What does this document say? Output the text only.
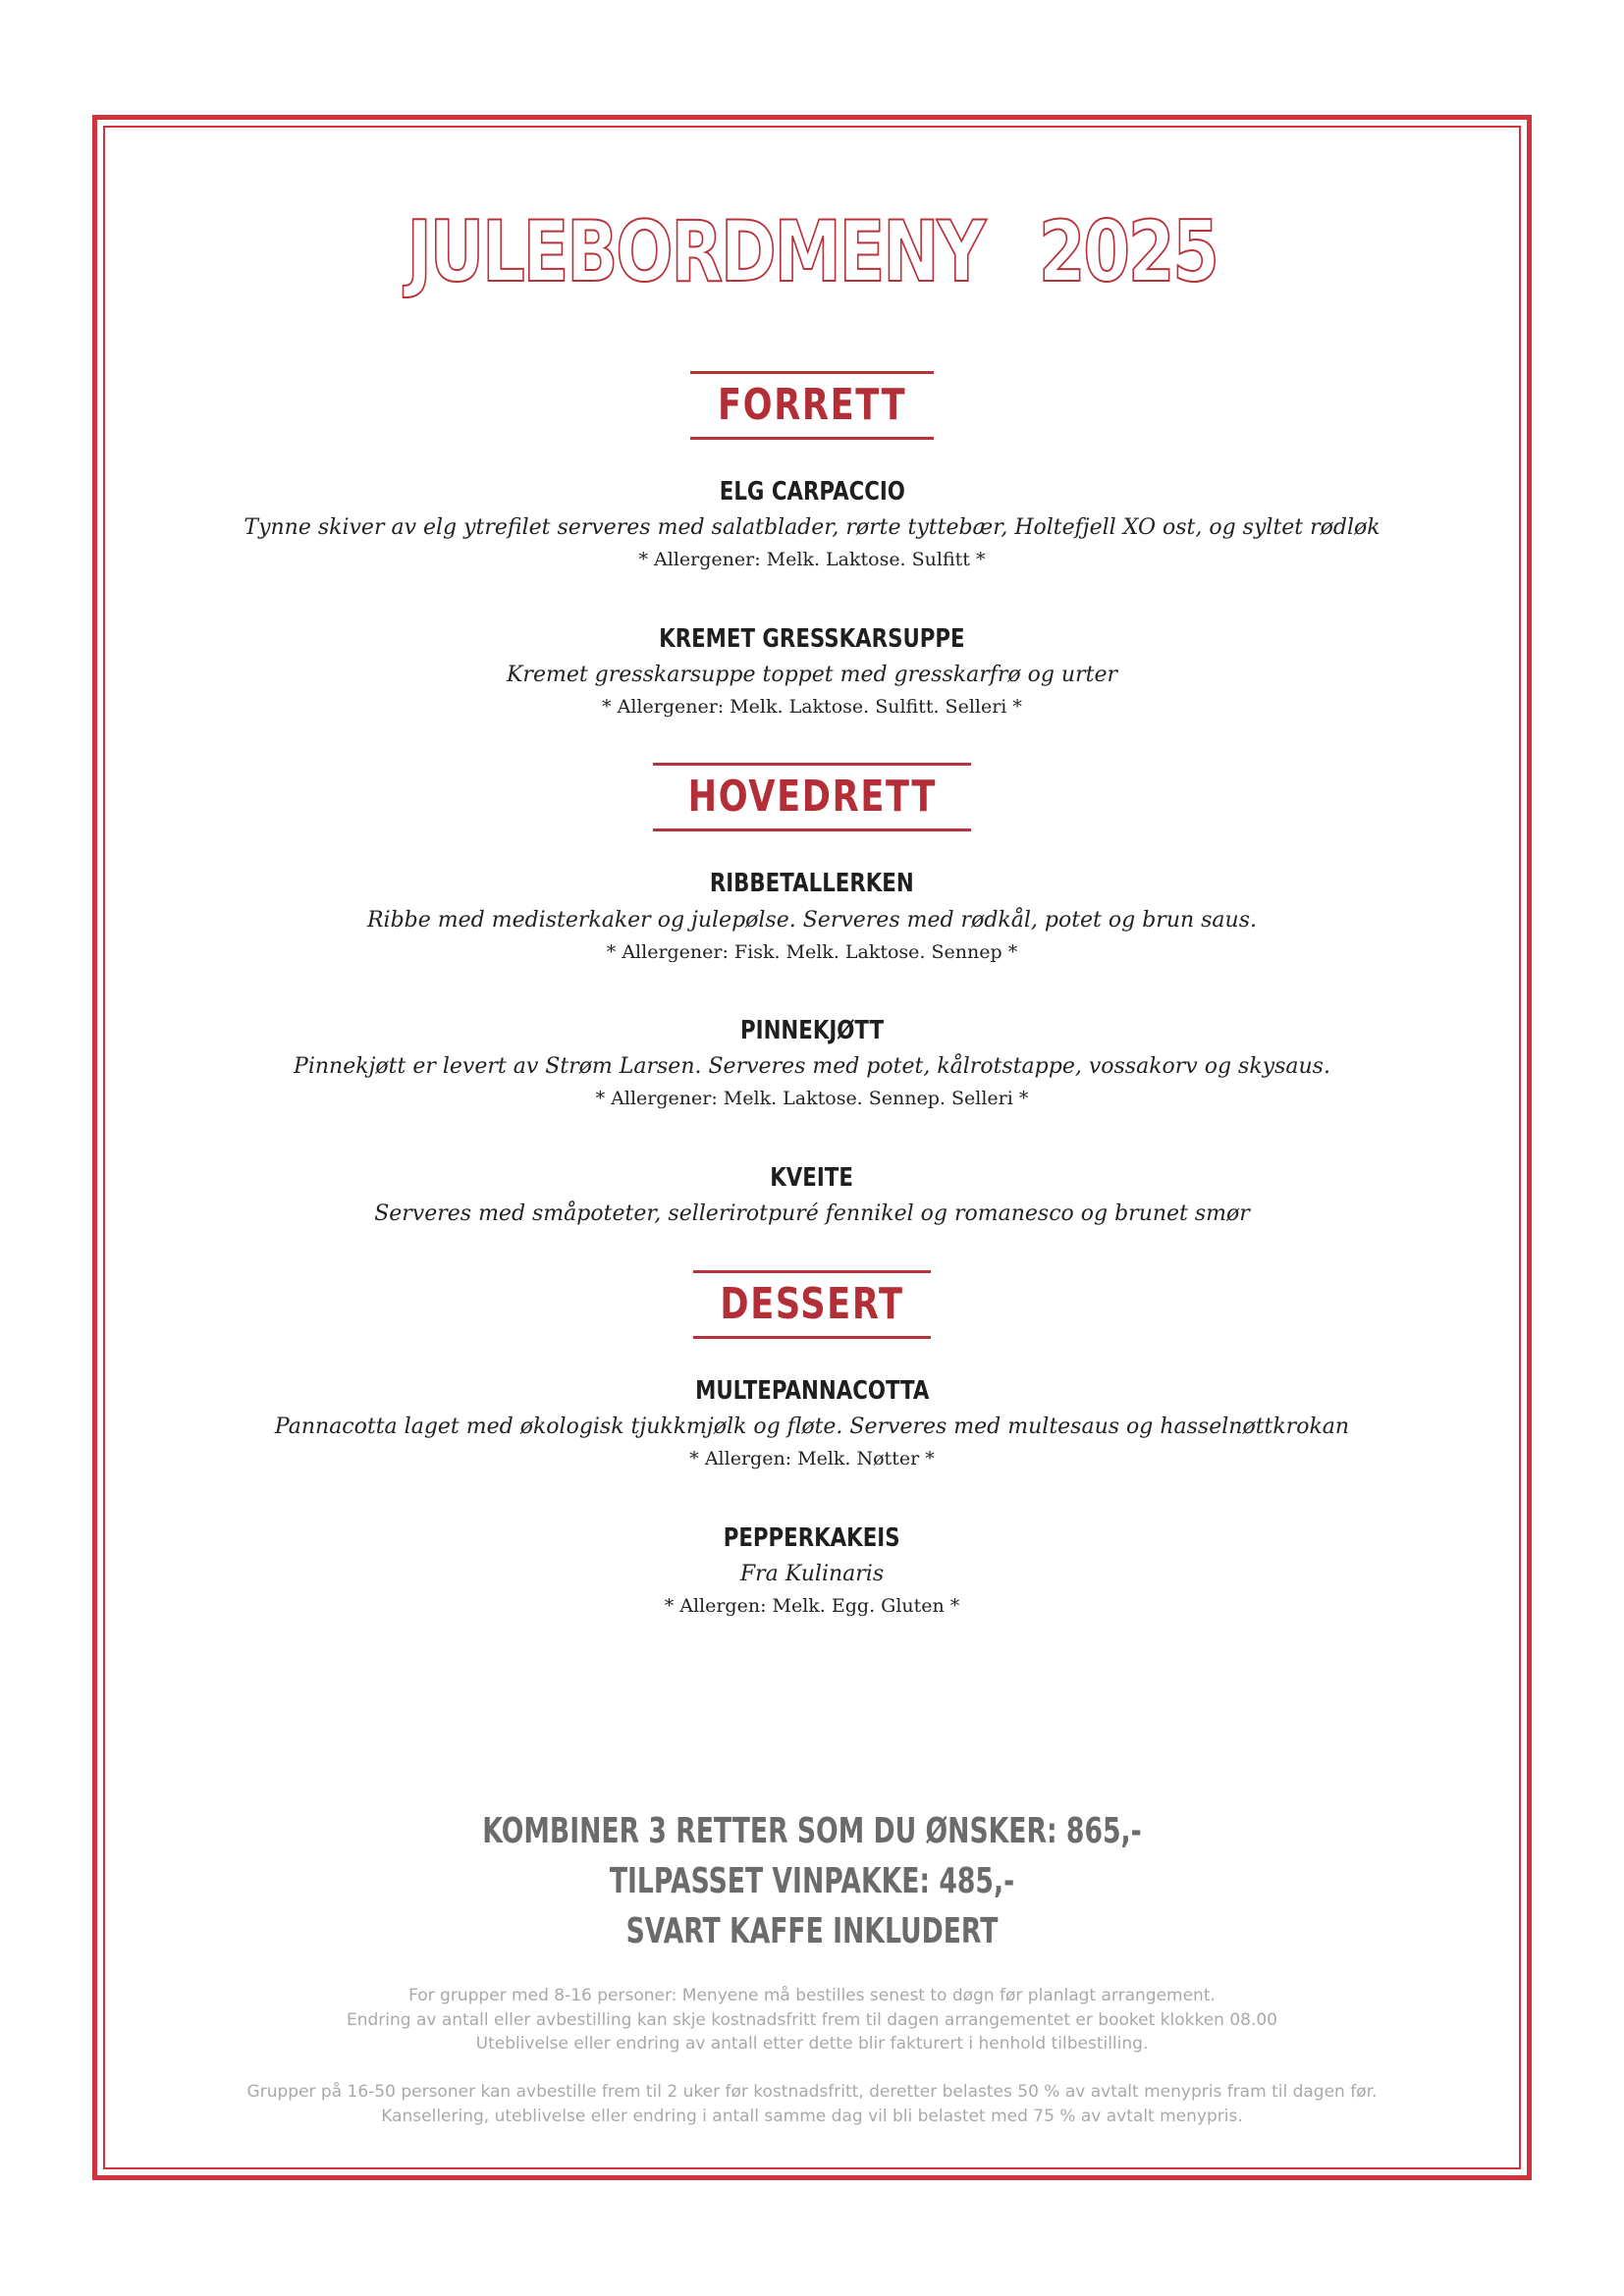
JULEBORDMENY 2025
FORRETT
ELG CARPACCIO
Tynne skiver av elg ytrefilet serveres med salatblader, rørte tyttebær, Holtefjell XO ost, og syltet rødløk
* Allergener: Melk. Laktose. Sulfitt *
KREMET GRESSKARSUPPE
Kremet gresskarsuppe toppet med gresskarfrø og urter
* Allergener: Melk. Laktose. Sulfitt. Selleri *
HOVEDRETT
RIBBETALLERKEN
Ribbe med medisterkaker og julepølse. Serveres med rødkål, potet og brun saus.
* Allergener: Fisk. Melk. Laktose. Sennep *
PINNEKJØTT
Pinnekjøtt er levert av Strøm Larsen. Serveres med potet, kålrotstappe, vossakorv og skysaus.
* Allergener: Melk. Laktose. Sennep. Selleri *
KVEITE
Serveres med småpoteter, sellerirotpuré fennikel og romanesco og brunet smør
DESSERT
MULTEPANNACOTTA
Pannacotta laget med økologisk tjukkmjølk og fløte. Serveres med multesaus og hasselnøttkrokan
* Allergen: Melk. Nøtter *
PEPPERKAKEIS
Fra Kulinaris
* Allergen: Melk. Egg. Gluten *
KOMBINER 3 RETTER SOM DU ØNSKER: 865,-
TILPASSET VINPAKKE: 485,-
SVART KAFFE INKLUDERT
For grupper med 8-16 personer: Menyene må bestilles senest to døgn før planlagt arrangement.
Endring av antall eller avbestilling kan skje kostnadsfritt frem til dagen arrangementet er booket klokken 08.00
Uteblivelse eller endring av antall etter dette blir fakturert i henhold tilbestilling.
Grupper på 16-50 personer kan avbestille frem til 2 uker før kostnadsfritt, deretter belastes 50 % av avtalt menypris fram til dagen før.
Kansellering, uteblivelse eller endring i antall samme dag vil bli belastet med 75 % av avtalt menypris.
